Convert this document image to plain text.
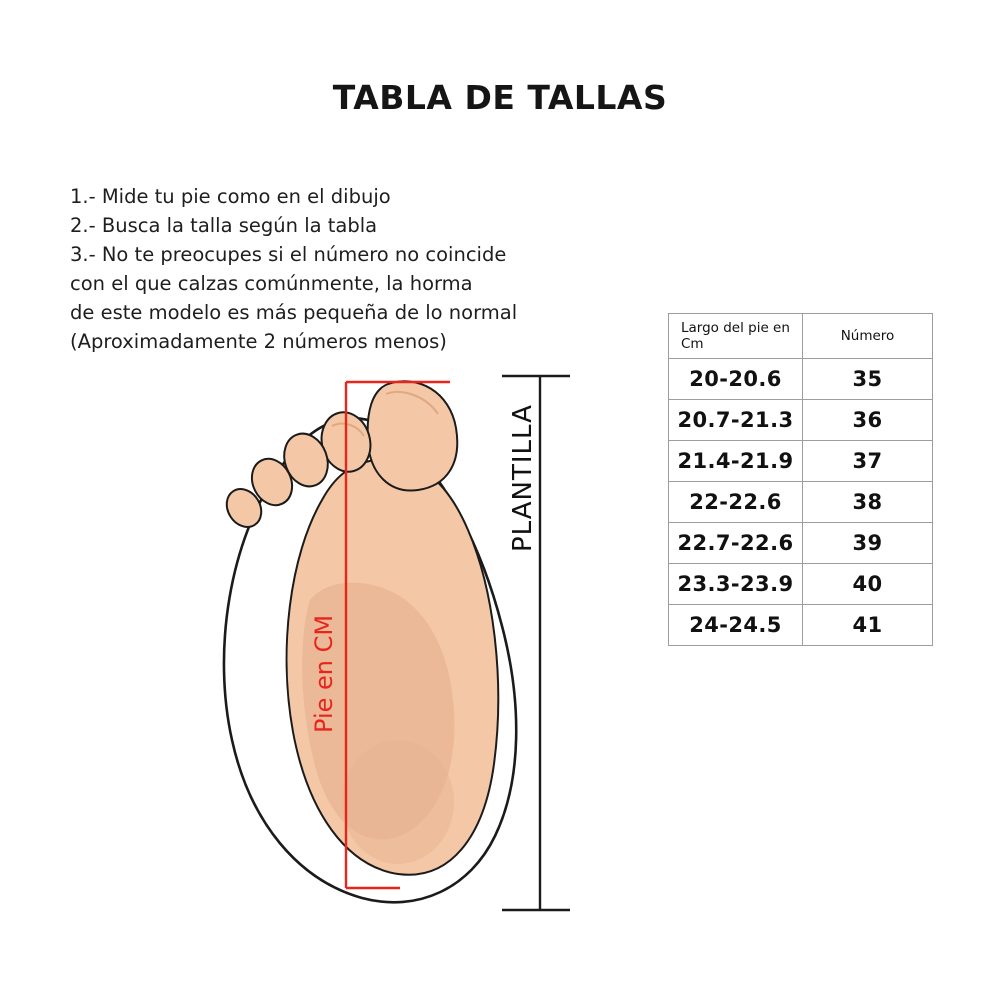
TABLA DE TALLAS
1.- Mide tu pie como en el dibujo
2.- Busca la talla según la tabla
3.- No te preocupes si el número no coincide
con el que calzas comúnmente, la horma
de este modelo es más pequeña de lo normal
(Aproximadamente 2 números menos)
Largo del pie en Cm	Número
20-20.6	35
20.7-21.3	36
21.4-21.9	37
22-22.6	38
22.7-22.6	39
23.3-23.9	40
24-24.5	41
PLANTILLA
Pie en CM
